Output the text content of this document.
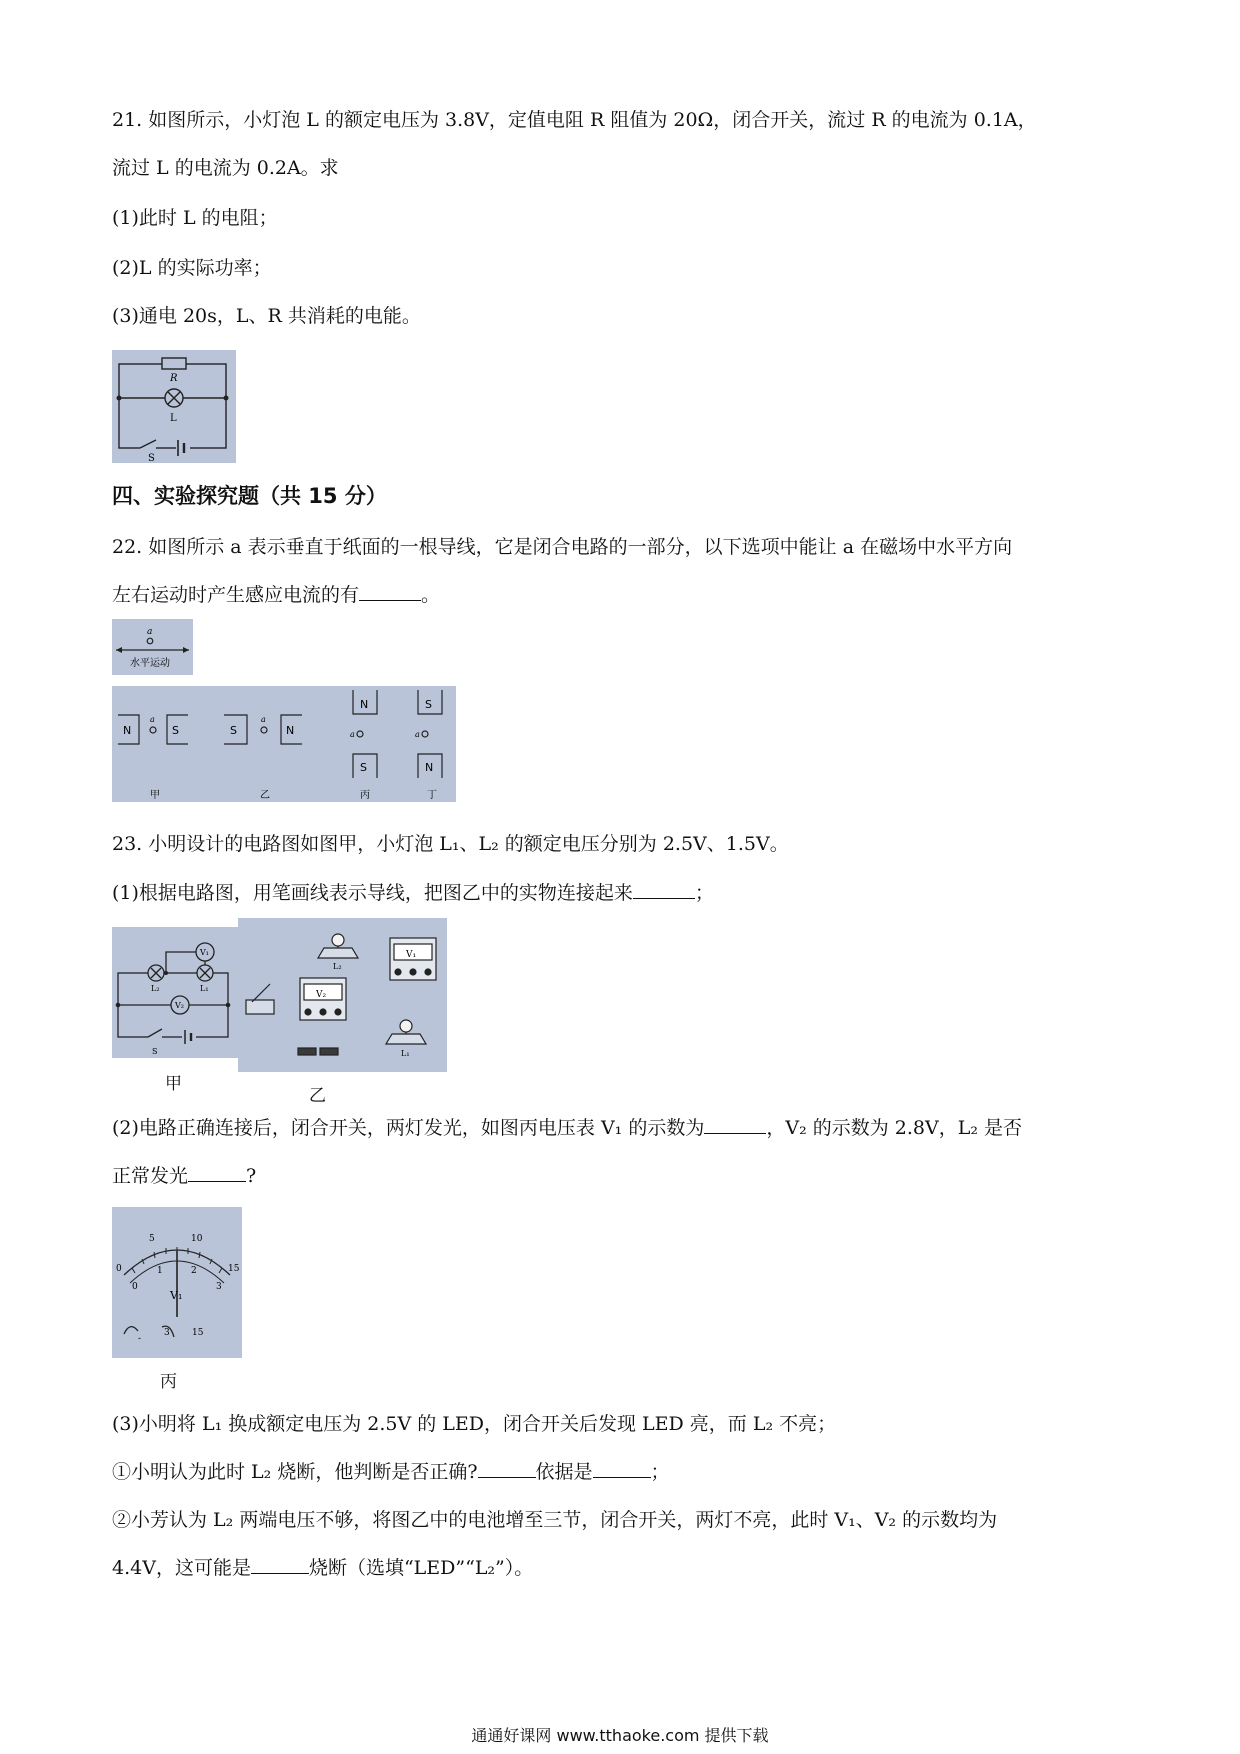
21. 如图所示，小灯泡 L 的额定电压为 3.8V，定值电阻 R 阻值为 20Ω，闭合开关，流过 R 的电流为 0.1A，
流过 L 的电流为 0.2A。求
(1)此时 L 的电阻；
(2)L 的实际功率；
(3)通电 20s，L、R 共消耗的电能。
R
L
S
四、实验探究题（共 15 分）
22. 如图所示 a 表示垂直于纸面的一根导线，它是闭合电路的一部分，以下选项中能让 a 在磁场中水平方向
左右运动时产生感应电流的有	。
a
水平运动
N	S	S	N
N
S
S
N
a	a
a	a
甲	乙	丙	丁
23. 小明设计的电路图如图甲，小灯泡 L₁、L₂ 的额定电压分别为 2.5V、1.5V。
(1)根据电路图，用笔画线表示导线，把图乙中的实物连接起来	；
V₁
V₂
L₁
L₂
S
甲
L₂
V₁
V₂
L₁
乙
(2)电路正确连接后，闭合开关，两灯发光，如图丙电压表 V₁ 的示数为	，V₂ 的示数为 2.8V，L₂ 是否
正常发光	?
0
5	10
15
0
1	2
3
V₁
-
3 15
丙
(3)小明将 L₁ 换成额定电压为 2.5V 的 LED，闭合开关后发现 LED 亮，而 L₂ 不亮；
①小明认为此时 L₂ 烧断，他判断是否正确?	依据是	；
②小芳认为 L₂ 两端电压不够，将图乙中的电池增至三节，闭合开关，两灯不亮，此时 V₁、V₂ 的示数均为
4.4V，这可能是	烧断（选填“LED”“L₂”）。
通通好课网 www.tthaoke.com 提供下载
